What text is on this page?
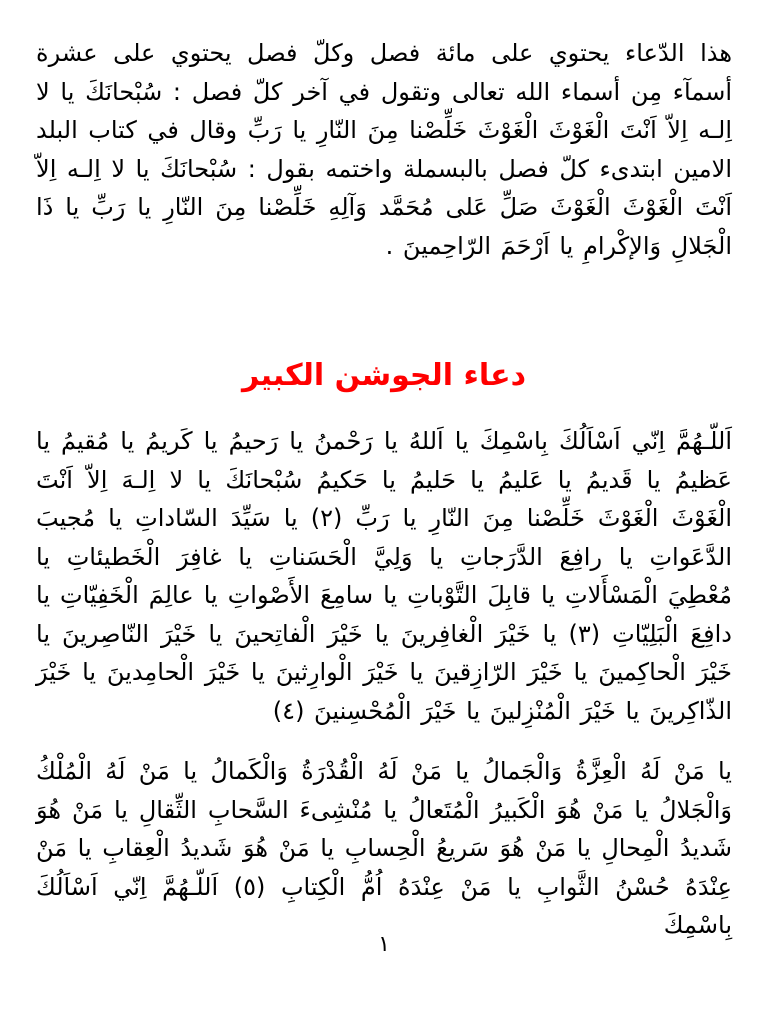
هذا الدّعاء يحتوي على مائة فصل وكلّ فصل يحتوي على عشرة أسمآء مِن أسماء الله تعالى وتقول في آخر كلّ فصل : سُبْحانَكَ يا لا اِلـه اِلاّ اَنْتَ الْغَوْثَ الْغَوْثَ خَلِّصْنا مِنَ النّارِ يا رَبِّ وقال في كتاب البلد الامين ابتدىء كلّ فصل بالبسملة واختمه بقول : سُبْحانَكَ يا لا اِلـه اِلاّ اَنْتَ الْغَوْثَ الْغَوْثَ صَلِّ عَلى مُحَمَّد وَآلِهِ خَلِّصْنا مِنَ النّارِ يا رَبِّ يا ذَا الْجَلالِ وَالإكْرامِ يا اَرْحَمَ الرّاحِمينَ .

دعاء الجوشن الكبير

اَللّـهُمَّ اِنّي اَسْاَلُكَ بِاسْمِكَ يا اَللهُ يا رَحْمنُ يا رَحيمُ يا كَريمُ يا مُقيمُ يا عَظيمُ يا قَديمُ يا عَليمُ يا حَليمُ يا حَكيمُ سُبْحانَكَ يا لا اِلـهَ اِلاّ اَنْتَ الْغَوْثَ الْغَوْثَ خَلِّصْنا مِنَ النّارِ يا رَبِّ (٢) يا سَيِّدَ السّاداتِ يا مُجيبَ الدَّعَواتِ يا رافِعَ الدَّرَجاتِ يا وَلِيَّ الْحَسَناتِ يا غافِرَ الْخَطيئاتِ يا مُعْطِيَ الْمَسْأَلاتِ يا قابِلَ التَّوْباتِ يا سامِعَ الأَصْواتِ يا عالِمَ الْخَفِيّاتِ يا دافِعَ الْبَلِيّاتِ (٣) يا خَيْرَ الْغافِرينَ يا خَيْرَ الْفاتِحينَ يا خَيْرَ النّاصِرينَ يا خَيْرَ الْحاكِمينَ يا خَيْرَ الرّازِقينَ يا خَيْرَ الْوارِثينَ يا خَيْرَ الْحامِدينَ يا خَيْرَ الذّاكِرينَ يا خَيْرَ الْمُنْزِلينَ يا خَيْرَ الْمُحْسِنينَ (٤)

يا مَنْ لَهُ الْعِزَّةُ وَالْجَمالُ يا مَنْ لَهُ الْقُدْرَةُ وَالْكَمالُ يا مَنْ لَهُ الْمُلْكُ وَالْجَلالُ يا مَنْ هُوَ الْكَبيرُ الْمُتَعالُ يا مُنْشِىءَ السَّحابِ الثِّقالِ يا مَنْ هُوَ شَديدُ الْمِحالِ يا مَنْ هُوَ سَريعُ الْحِسابِ يا مَنْ هُوَ شَديدُ الْعِقابِ يا مَنْ عِنْدَهُ حُسْنُ الثَّوابِ يا مَنْ عِنْدَهُ اُمُّ الْكِتابِ (٥) اَللّـهُمَّ اِنّي اَسْاَلُكَ بِاسْمِكَ

١
